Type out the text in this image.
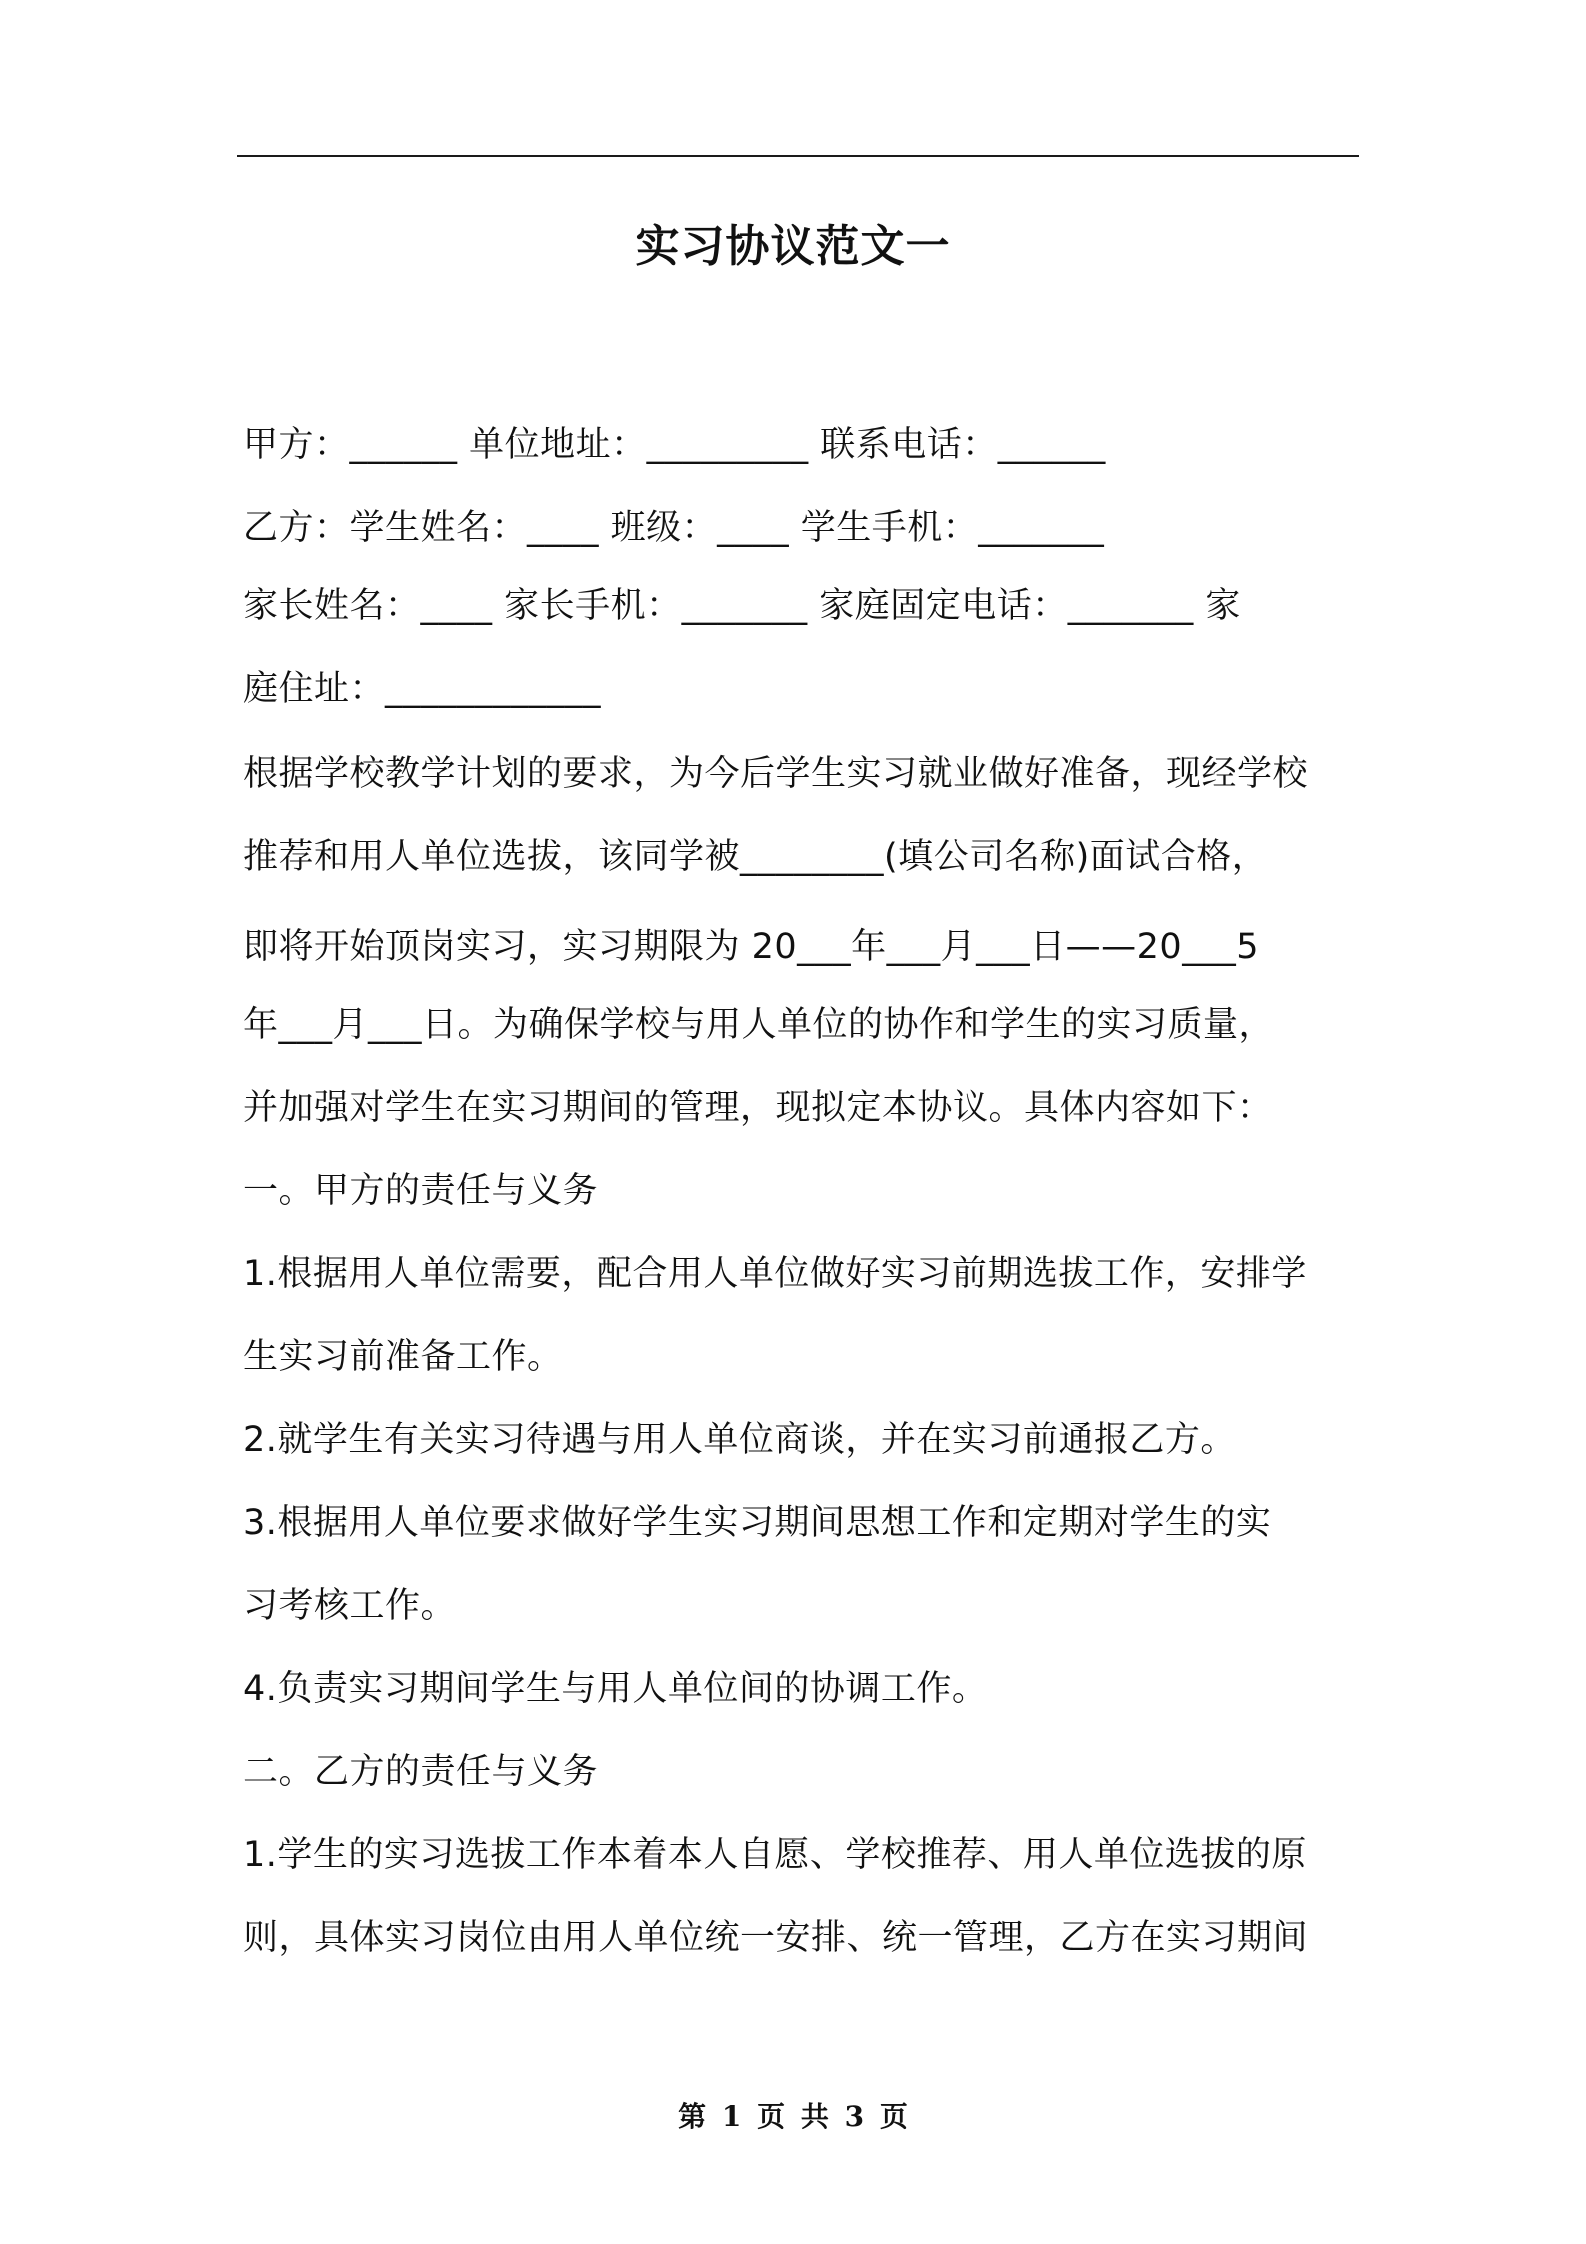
实习协议范文一
甲方：______ 单位地址：_________ 联系电话：______
乙方：学生姓名：____ 班级：____ 学生手机：_______
家长姓名：____ 家长手机：_______ 家庭固定电话：_______ 家
庭住址：____________
根据学校教学计划的要求，为今后学生实习就业做好准备，现经学校
推荐和用人单位选拔，该同学被________(填公司名称)面试合格，
即将开始顶岗实习，实习期限为 20___年___月___日——20___5
年___月___日。为确保学校与用人单位的协作和学生的实习质量，
并加强对学生在实习期间的管理，现拟定本协议。具体内容如下：
一。甲方的责任与义务
1.根据用人单位需要，配合用人单位做好实习前期选拔工作，安排学
生实习前准备工作。
2.就学生有关实习待遇与用人单位商谈，并在实习前通报乙方。
3.根据用人单位要求做好学生实习期间思想工作和定期对学生的实
习考核工作。
4.负责实习期间学生与用人单位间的协调工作。
二。乙方的责任与义务
1.学生的实习选拔工作本着本人自愿、学校推荐、用人单位选拔的原
则，具体实习岗位由用人单位统一安排、统一管理，乙方在实习期间
第 1 页 共 3 页
